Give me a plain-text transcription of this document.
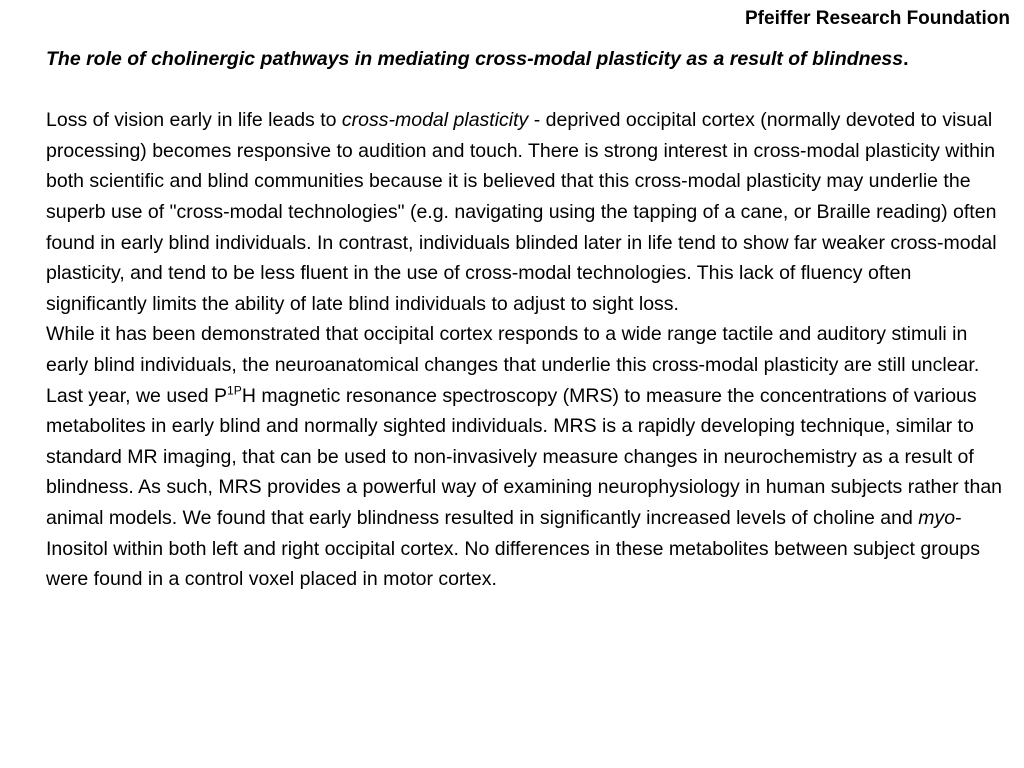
Pfeiffer Research Foundation

The role of cholinergic pathways in mediating cross-modal plasticity as a result of blindness.

Loss of vision early in life leads to cross-modal plasticity - deprived occipital cortex (normally devoted to visual processing) becomes responsive to audition and touch. There is strong interest in cross-modal plasticity within both scientific and blind communities because it is believed that this cross-modal plasticity may underlie the superb use of "cross-modal technologies" (e.g. navigating using the tapping of a cane, or Braille reading) often found in early blind individuals. In contrast, individuals blinded later in life tend to show far weaker cross-modal plasticity, and tend to be less fluent in the use of cross-modal technologies. This lack of fluency often significantly limits the ability of late blind individuals to adjust to sight loss.

While it has been demonstrated that occipital cortex responds to a wide range tactile and auditory stimuli in early blind individuals, the neuroanatomical changes that underlie this cross-modal plasticity are still unclear. Last year, we used $P^{1P}H$ magnetic resonance spectroscopy (MRS) to measure the concentrations of various metabolites in early blind and normally sighted individuals. MRS is a rapidly developing technique, similar to standard MR imaging, that can be used to non-invasively measure changes in neurochemistry as a result of blindness. As such, MRS provides a powerful way of examining neurophysiology in human subjects rather than animal models. We found that early blindness resulted in significantly increased levels of choline and myo-Inositol within both left and right occipital cortex. No differences in these metabolites between subject groups were found in a control voxel placed in motor cortex.
